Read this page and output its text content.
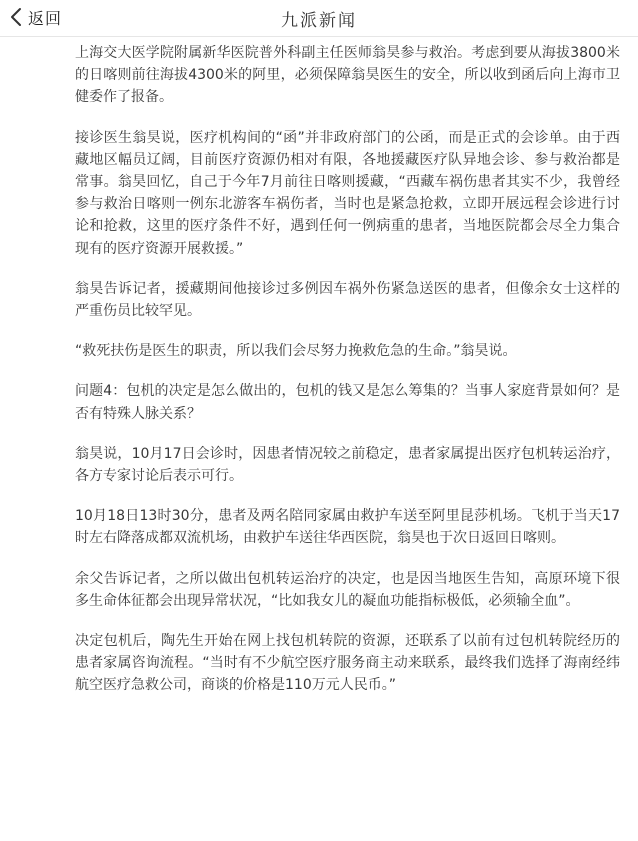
返回	九派新闻

上海交大医学院附属新华医院普外科副主任医师翁昊参与救治。考虑到要从海拔3800米的日喀则前往海拔4300米的阿里，必须保障翁昊医生的安全，所以收到函后向上海市卫健委作了报备。

接诊医生翁昊说，医疗机构间的“函”并非政府部门的公函，而是正式的会诊单。由于西藏地区幅员辽阔，目前医疗资源仍相对有限，各地援藏医疗队异地会诊、参与救治都是常事。翁昊回忆，自己于今年7月前往日喀则援藏，“西藏车祸伤患者其实不少，我曾经参与救治日喀则一例东北游客车祸伤者，当时也是紧急抢救，立即开展远程会诊进行讨论和抢救，这里的医疗条件不好，遇到任何一例病重的患者，当地医院都会尽全力集合现有的医疗资源开展救援。”

翁昊告诉记者，援藏期间他接诊过多例因车祸外伤紧急送医的患者，但像余女士这样的严重伤员比较罕见。

“救死扶伤是医生的职责，所以我们会尽努力挽救危急的生命。”翁昊说。

问题4：包机的决定是怎么做出的，包机的钱又是怎么筹集的？当事人家庭背景如何？是否有特殊人脉关系？

翁昊说，10月17日会诊时，因患者情况较之前稳定，患者家属提出医疗包机转运治疗，各方专家讨论后表示可行。

10月18日13时30分，患者及两名陪同家属由救护车送至阿里昆莎机场。飞机于当天17时左右降落成都双流机场，由救护车送往华西医院，翁昊也于次日返回日喀则。

余父告诉记者，之所以做出包机转运治疗的决定，也是因当地医生告知，高原环境下很多生命体征都会出现异常状况，“比如我女儿的凝血功能指标极低，必须输全血”。

决定包机后，陶先生开始在网上找包机转院的资源，还联系了以前有过包机转院经历的患者家属咨询流程。“当时有不少航空医疗服务商主动来联系，最终我们选择了海南经纬航空医疗急救公司，商谈的价格是110万元人民币。”
